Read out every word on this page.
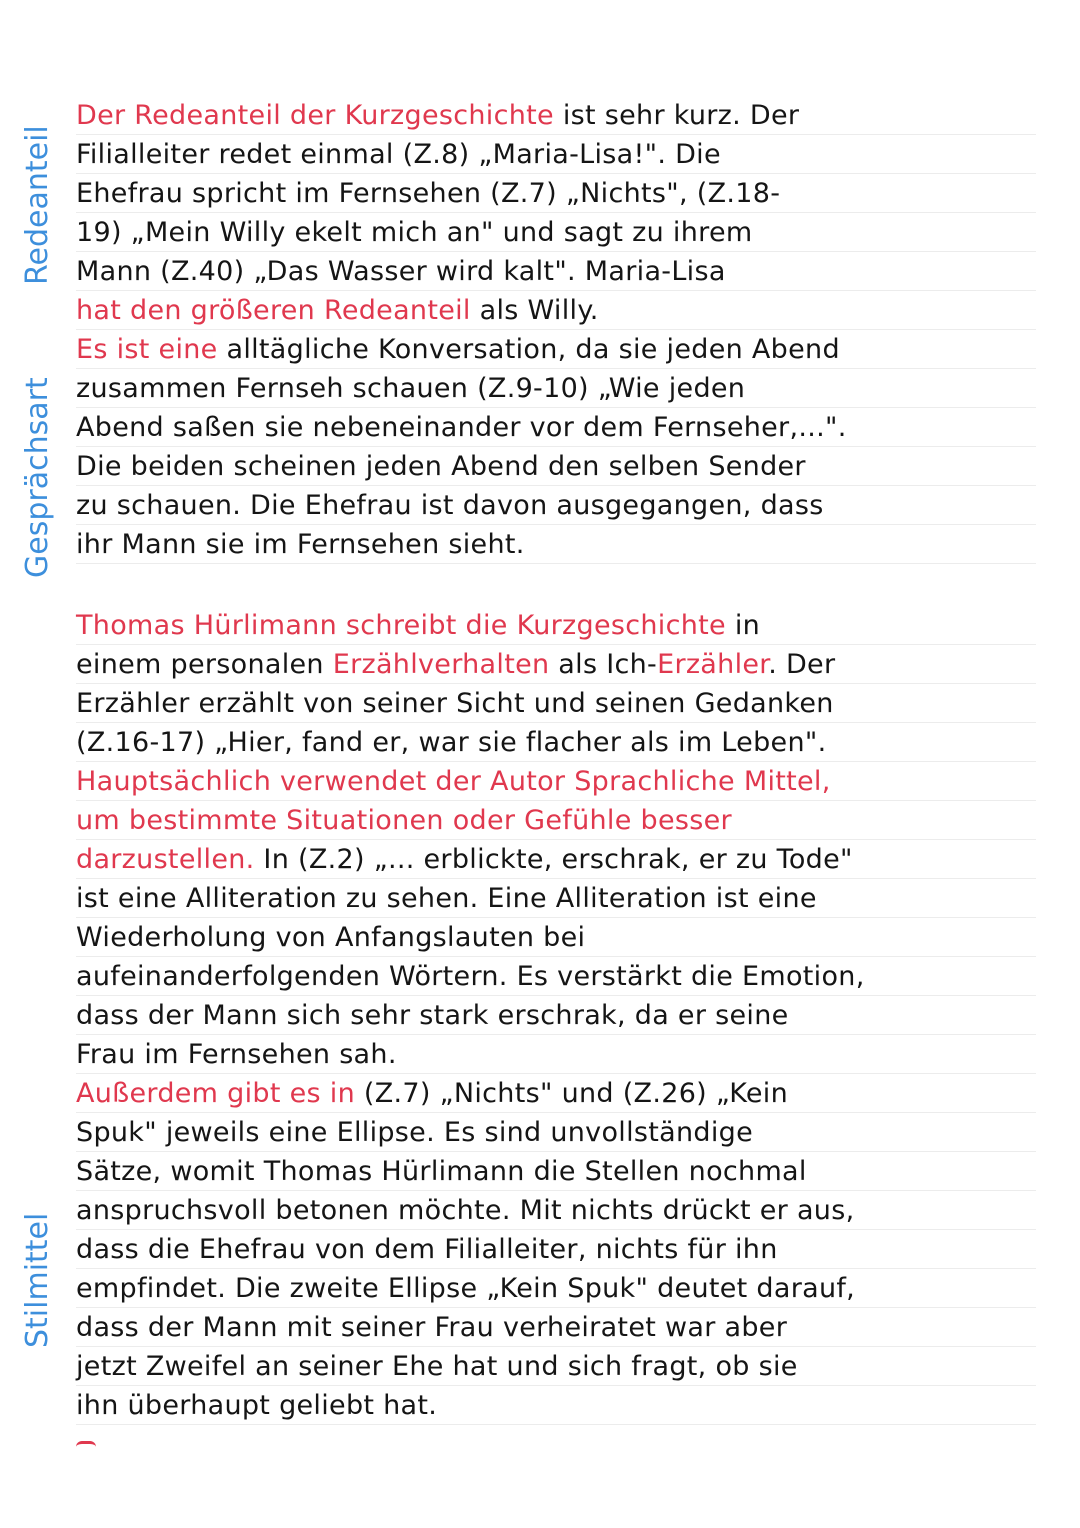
Redeanteil
Gesprächsart
Stilmittel
Der Redeanteil der Kurzgeschichte ist sehr kurz. Der
Filialleiter redet einmal (Z.8) „Maria-Lisa!". Die
Ehefrau spricht im Fernsehen (Z.7) „Nichts", (Z.18-
19) „Mein Willy ekelt mich an" und sagt zu ihrem
Mann (Z.40) „Das Wasser wird kalt". Maria-Lisa
hat den größeren Redeanteil als Willy.
Es ist eine alltägliche Konversation, da sie jeden Abend
zusammen Fernseh schauen (Z.9-10) „Wie jeden
Abend saßen sie nebeneinander vor dem Fernseher,...".
Die beiden scheinen jeden Abend den selben Sender
zu schauen. Die Ehefrau ist davon ausgegangen, dass
ihr Mann sie im Fernsehen sieht.
Thomas Hürlimann schreibt die Kurzgeschichte in
einem personalen Erzählverhalten als Ich-Erzähler. Der
Erzähler erzählt von seiner Sicht und seinen Gedanken
(Z.16-17) „Hier, fand er, war sie flacher als im Leben".
Hauptsächlich verwendet der Autor Sprachliche Mittel,
um bestimmte Situationen oder Gefühle besser
darzustellen. In (Z.2) „... erblickte, erschrak, er zu Tode"
ist eine Alliteration zu sehen. Eine Alliteration ist eine
Wiederholung von Anfangslauten bei
aufeinanderfolgenden Wörtern. Es verstärkt die Emotion,
dass der Mann sich sehr stark erschrak, da er seine
Frau im Fernsehen sah.
Außerdem gibt es in (Z.7) „Nichts" und (Z.26) „Kein
Spuk" jeweils eine Ellipse. Es sind unvollständige
Sätze, womit Thomas Hürlimann die Stellen nochmal
anspruchsvoll betonen möchte. Mit nichts drückt er aus,
dass die Ehefrau von dem Filialleiter, nichts für ihn
empfindet. Die zweite Ellipse „Kein Spuk" deutet darauf,
dass der Mann mit seiner Frau verheiratet war aber
jetzt Zweifel an seiner Ehe hat und sich fragt, ob sie
ihn überhaupt geliebt hat.
